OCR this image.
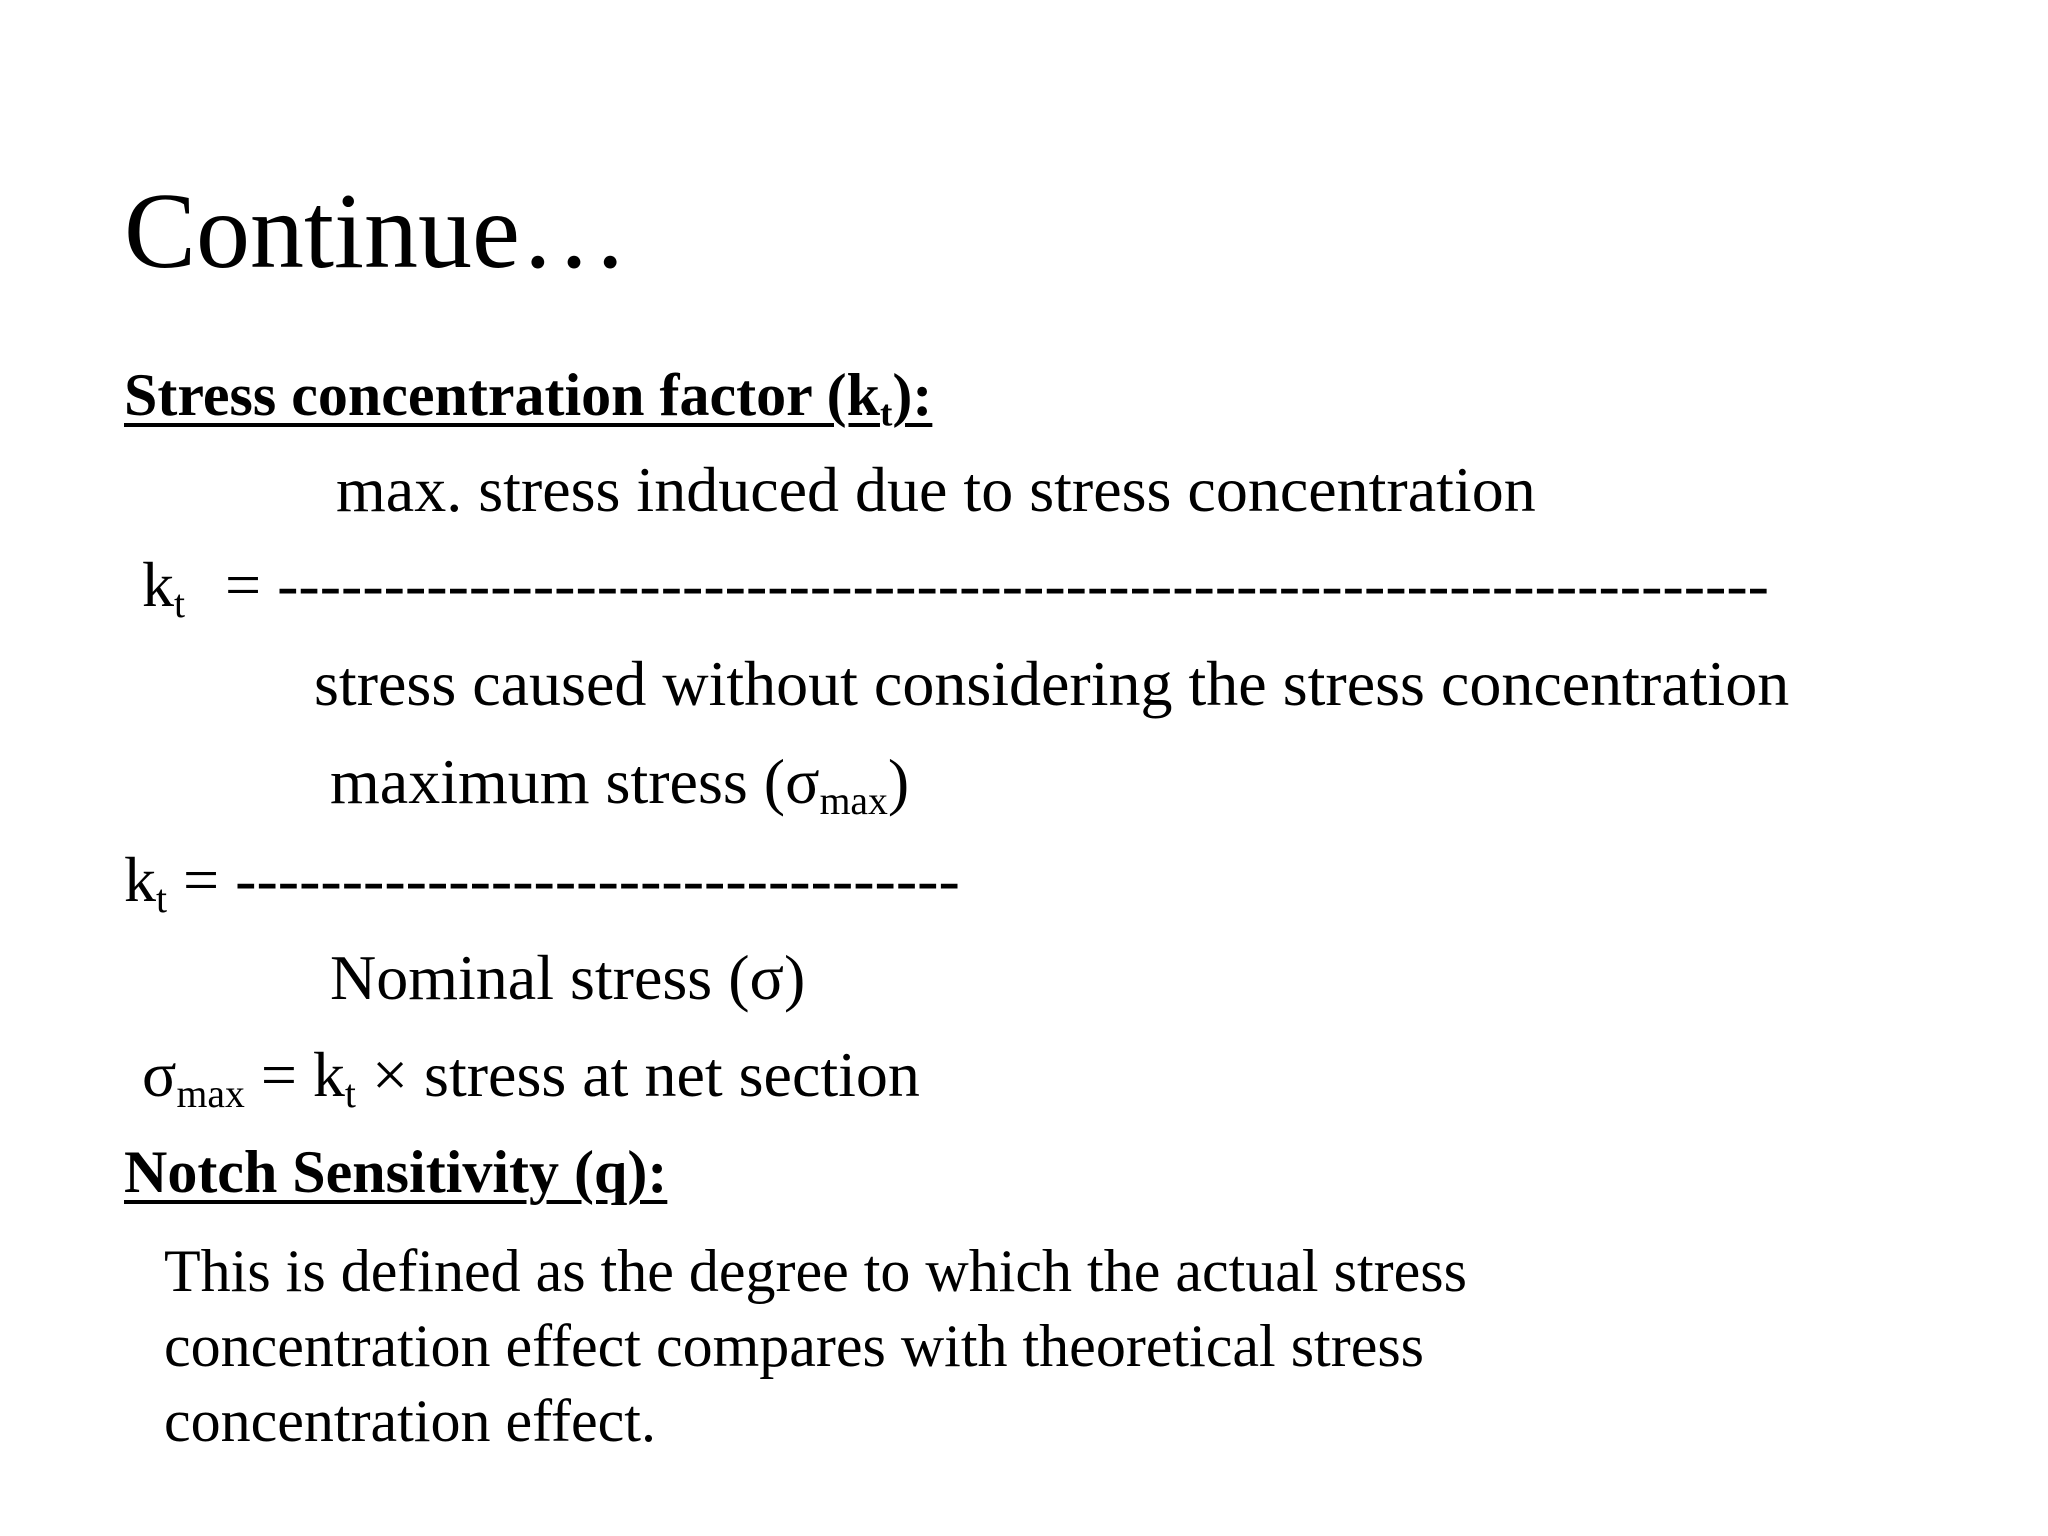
Continue…
Stress concentration factor $(k_t)$:
max. stress induced due to stress concentration
$k_t$ = ----------------------------------------------------------------------
stress caused without considering the stress concentration
maximum stress $(\sigma_{max})$
$k_t$ = ----------------------------------
Nominal stress (σ)
$\sigma_{max} = k_t$ × stress at net section
Notch Sensitivity (q):
This is defined as the degree to which the actual stress concentration effect compares with theoretical stress concentration effect.
